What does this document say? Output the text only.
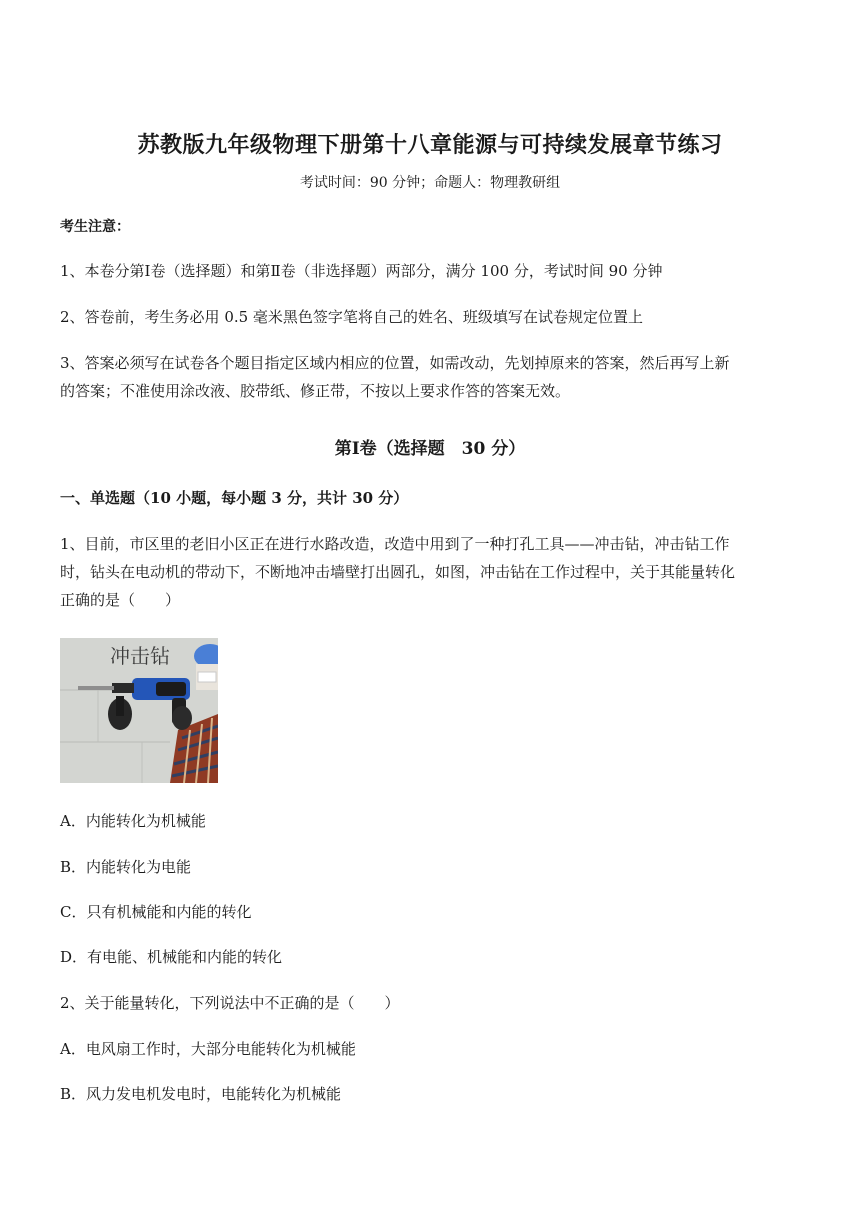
苏教版九年级物理下册第十八章能源与可持续发展章节练习
考试时间：90 分钟；命题人：物理教研组
考生注意：
1、本卷分第Ⅰ卷（选择题）和第Ⅱ卷（非选择题）两部分，满分 100 分，考试时间 90 分钟
2、答卷前，考生务必用 0.5 毫米黑色签字笔将自己的姓名、班级填写在试卷规定位置上
3、答案必须写在试卷各个题目指定区域内相应的位置，如需改动，先划掉原来的答案，然后再写上新
的答案；不准使用涂改液、胶带纸、修正带，不按以上要求作答的答案无效。
第Ⅰ卷（选择题　30 分）
一、单选题（10 小题，每小题 3 分，共计 30 分）
1、目前，市区里的老旧小区正在进行水路改造，改造中用到了一种打孔工具——冲击钻，冲击钻工作
时，钻头在电动机的带动下，不断地冲击墙壁打出圆孔，如图，冲击钻在工作过程中，关于其能量转化
正确的是（　　）
冲击钻
A．内能转化为机械能
B．内能转化为电能
C．只有机械能和内能的转化
D．有电能、机械能和内能的转化
2、关于能量转化，下列说法中不正确的是（　　）
A．电风扇工作时，大部分电能转化为机械能
B．风力发电机发电时，电能转化为机械能
